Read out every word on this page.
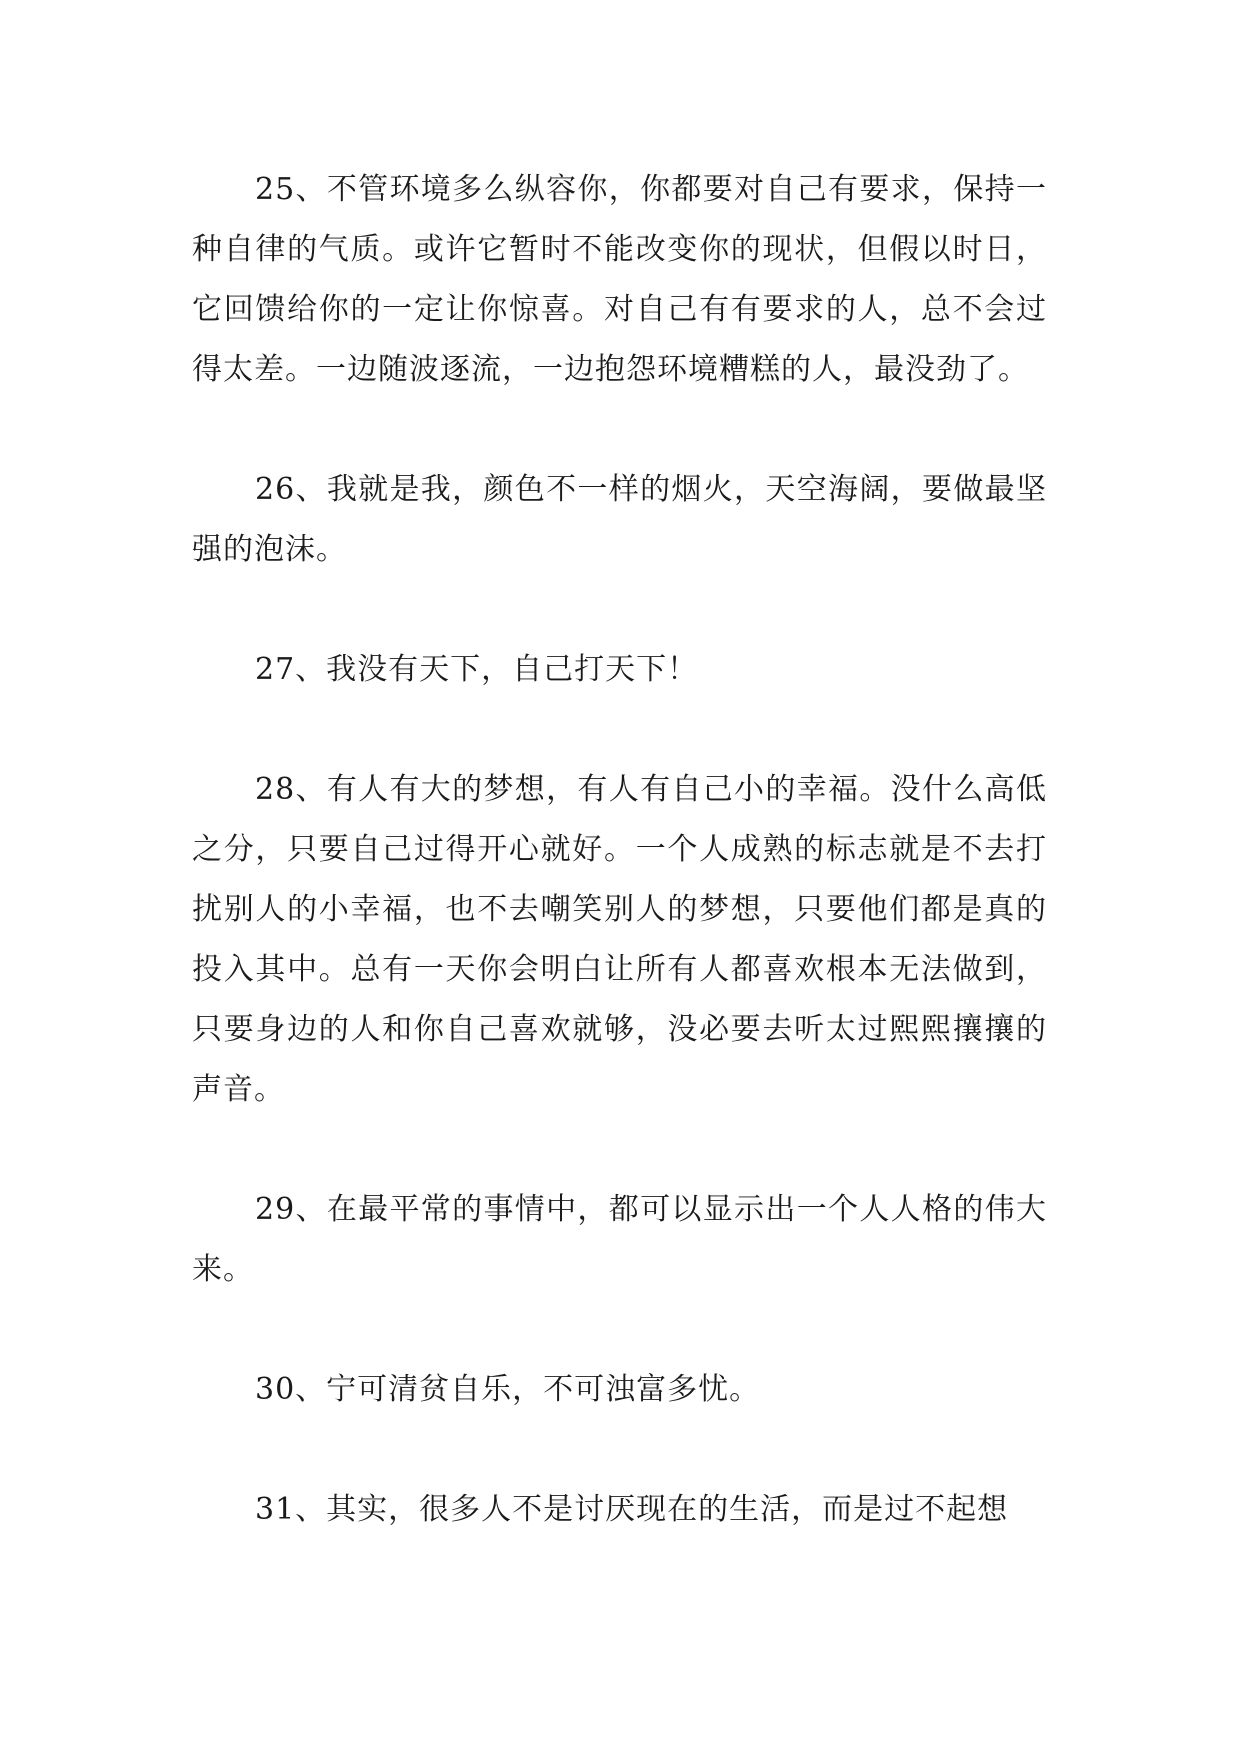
25、不管环境多么纵容你，你都要对自己有要求，保持一种自律的气质。或许它暂时不能改变你的现状，但假以时日，它回馈给你的一定让你惊喜。对自己有有要求的人，总不会过得太差。一边随波逐流，一边抱怨环境糟糕的人，最没劲了。

26、我就是我，颜色不一样的烟火，天空海阔，要做最坚强的泡沫。

27、我没有天下，自己打天下！

28、有人有大的梦想，有人有自己小的幸福。没什么高低之分，只要自己过得开心就好。一个人成熟的标志就是不去打扰别人的小幸福，也不去嘲笑别人的梦想，只要他们都是真的投入其中。总有一天你会明白让所有人都喜欢根本无法做到，只要身边的人和你自己喜欢就够，没必要去听太过熙熙攘攘的声音。

29、在最平常的事情中，都可以显示出一个人人格的伟大来。

30、宁可清贫自乐，不可浊富多忧。

31、其实，很多人不是讨厌现在的生活，而是过不起想
